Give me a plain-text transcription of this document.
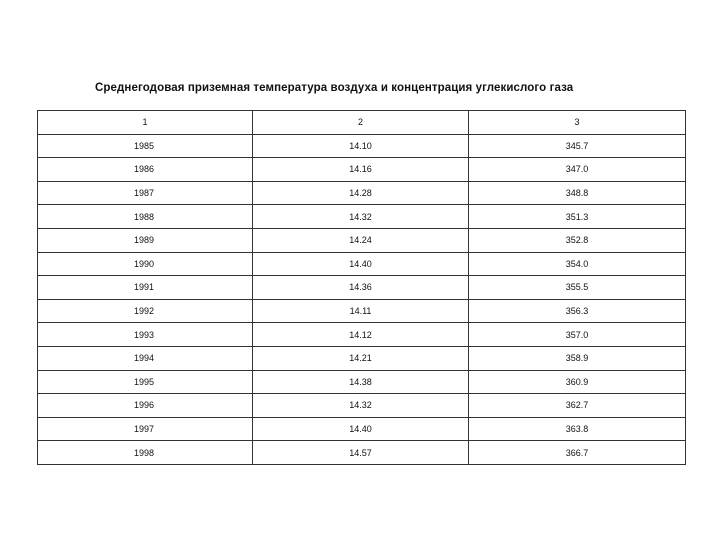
Среднегодовая приземная температура воздуха и концентрация углекислого газа
1	2	3
1985	14.10	345.7
1986	14.16	347.0
1987	14.28	348.8
1988	14.32	351.3
1989	14.24	352.8
1990	14.40	354.0
1991	14.36	355.5
1992	14.11	356.3
1993	14.12	357.0
1994	14.21	358.9
1995	14.38	360.9
1996	14.32	362.7
1997	14.40	363.8
1998	14.57	366.7
